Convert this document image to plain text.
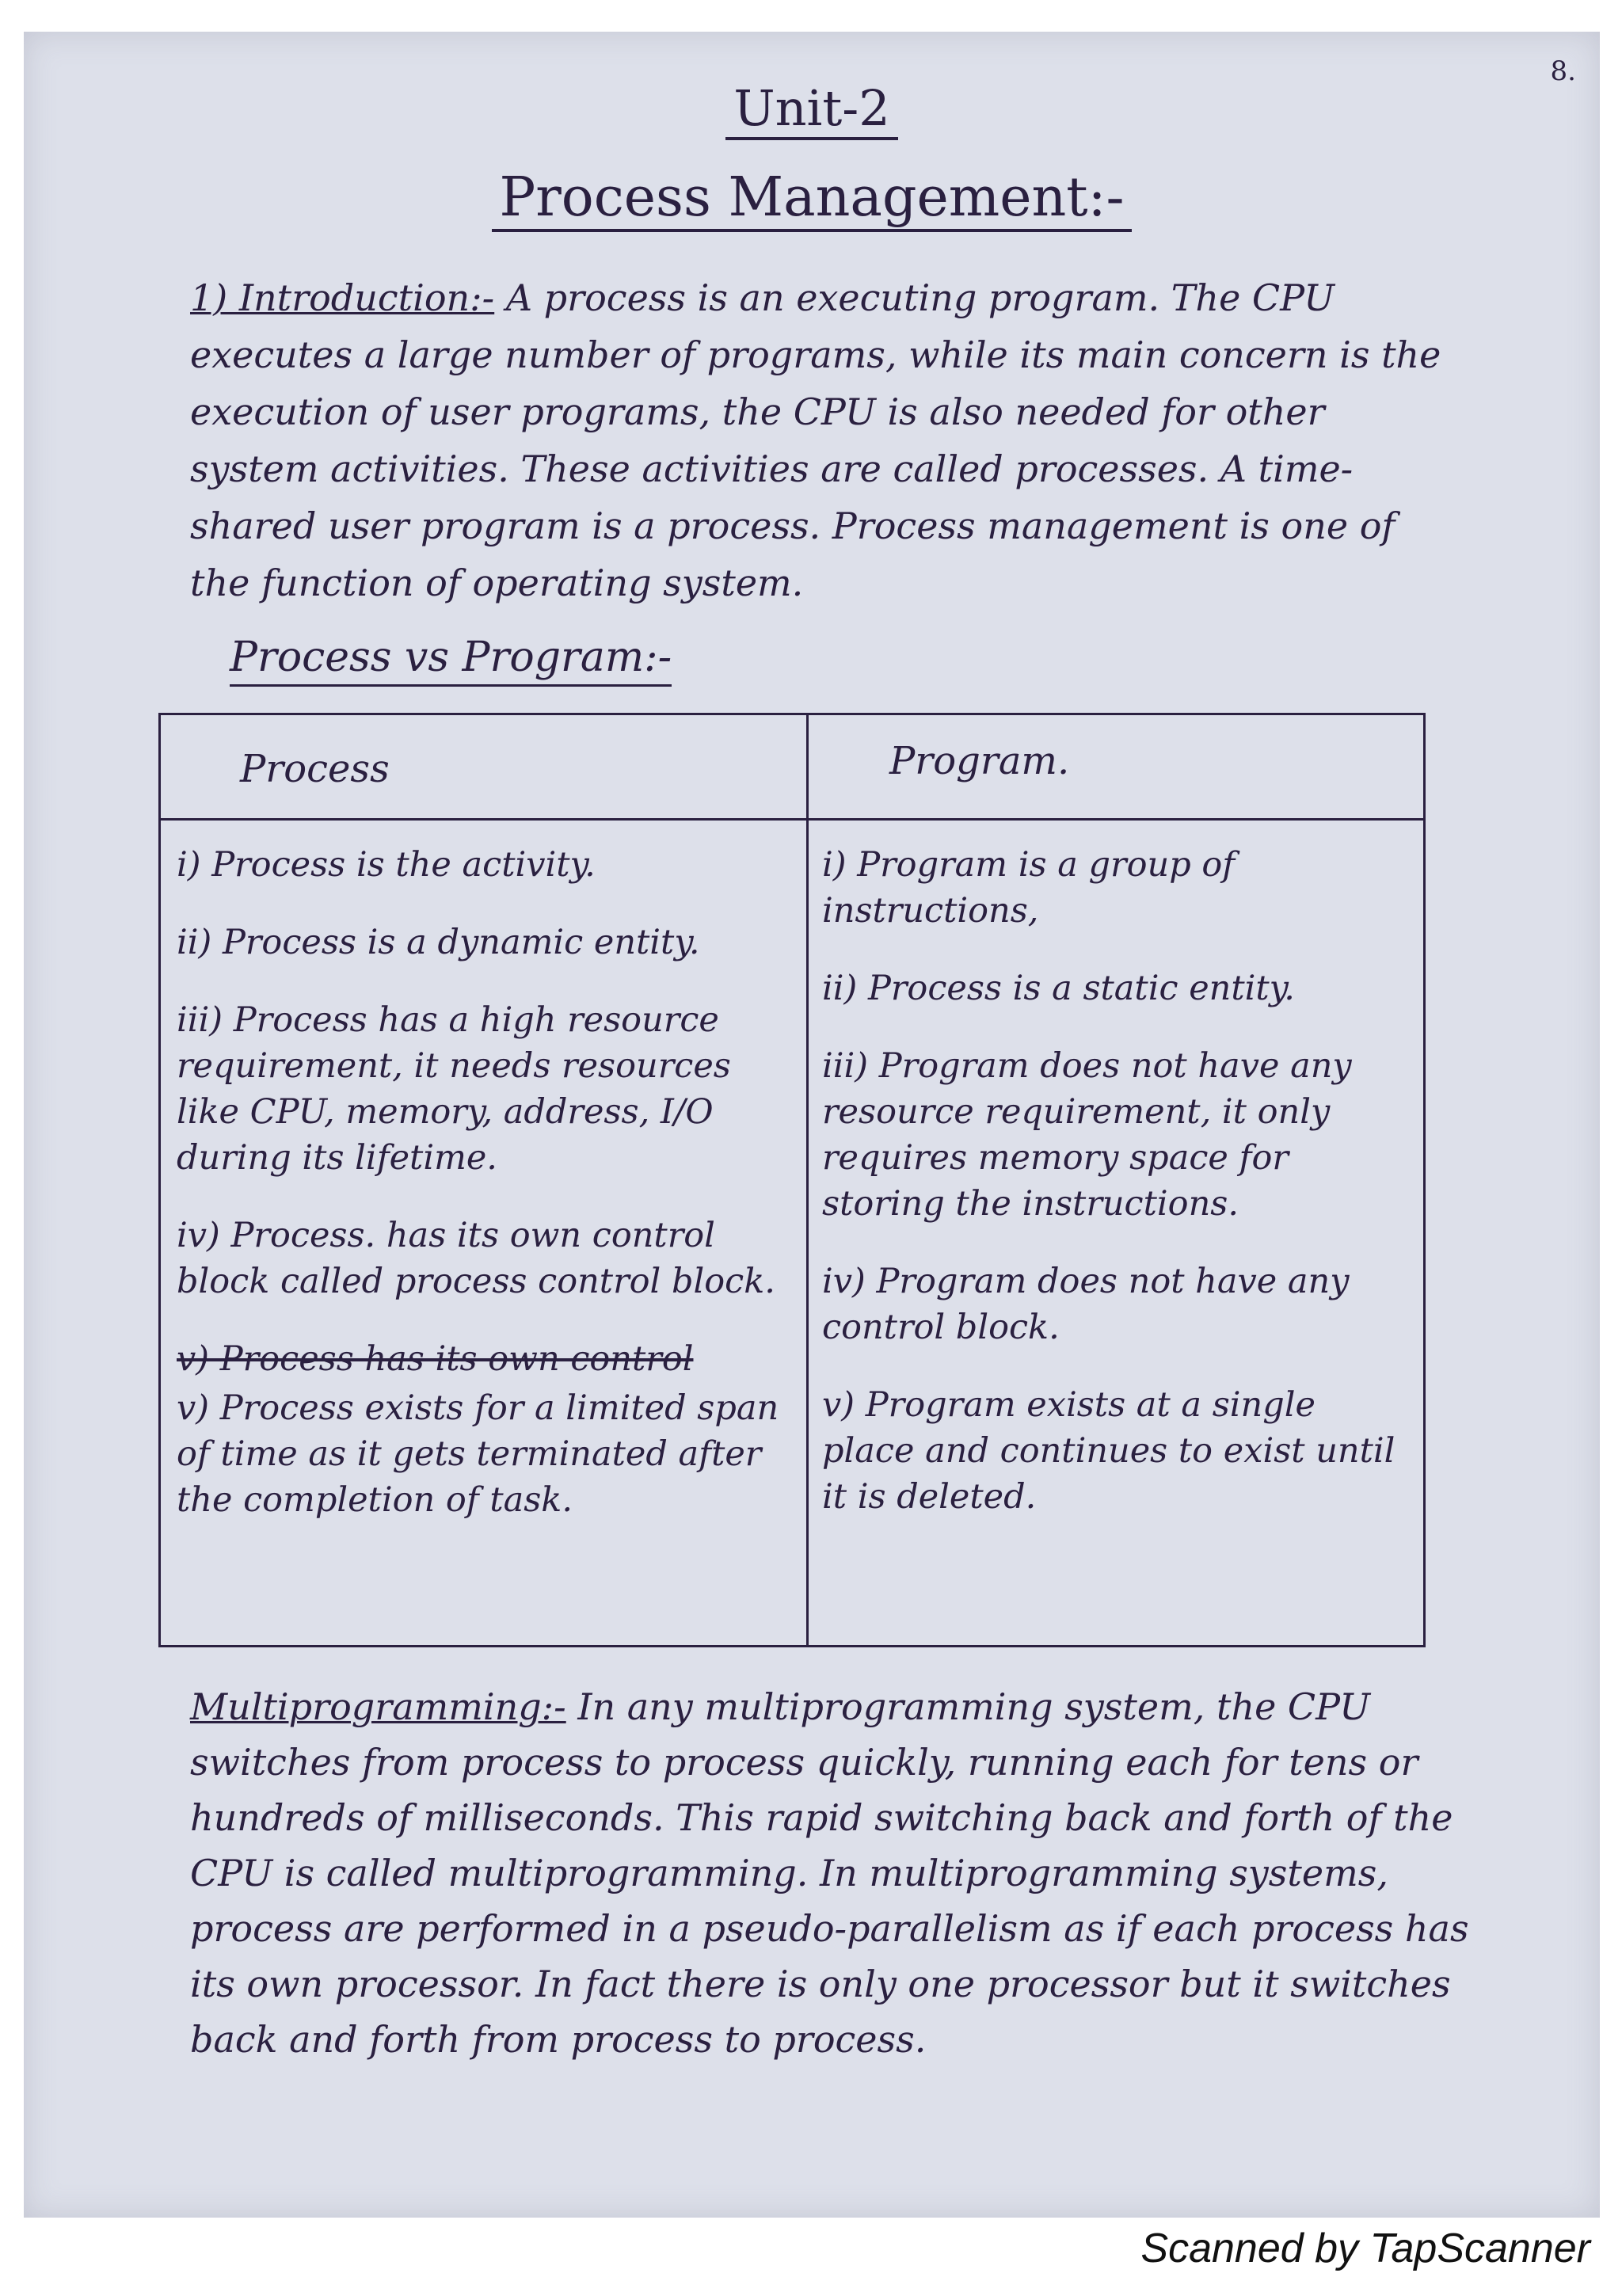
8.
Unit-2
Process Management:-
1) Introduction:- A process is an executing program. The CPU executes a large number of programs, while its main concern is the execution of user programs, the CPU is also needed for other system activities. These activities are called processes. A time-shared user program is a process. Process management is one of the function of operating system.
Process vs Program:-
Process	Program.
i) Process is the activity.
ii) Process is a dynamic entity.
iii) Process has a high resource requirement, it needs resources like CPU, memory, address, I/O during its lifetime.
iv) Process. has its own control block called process control block.
v) Process has its own control
v) Process exists for a limited span of time as it gets terminated after the completion of task.
i) Program is a group of instructions,
ii) Process is a static entity.
iii) Program does not have any resource requirement, it only requires memory space for storing the instructions.
iv) Program does not have any control block.
v) Program exists at a single place and continues to exist until it is deleted.
Multiprogramming:- In any multiprogramming system, the CPU switches from process to process quickly, running each for tens or hundreds of milliseconds. This rapid switching back and forth of the CPU is called multiprogramming. In multiprogramming systems, process are performed in a pseudo-parallelism as if each process has its own processor. In fact there is only one processor but it switches back and forth from process to process.
Scanned by TapScanner
